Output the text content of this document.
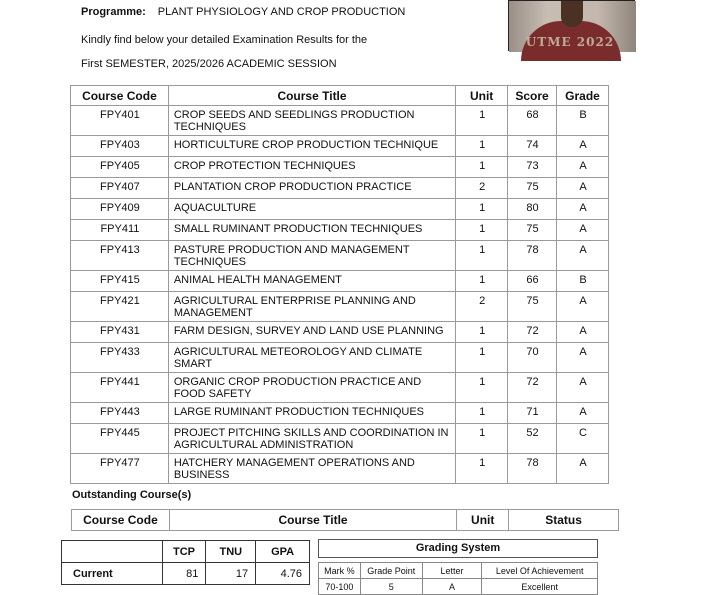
Programme: PLANT PHYSIOLOGY AND CROP PRODUCTION
Kindly find below your detailed Examination Results for the
First SEMESTER, 2025/2026 ACADEMIC SESSION
UTME 2022
Course Code	Course Title	Unit	Score	Grade
FPY401	CROP SEEDS AND SEEDLINGS PRODUCTION TECHNIQUES	1	68	B
FPY403	HORTICULTURE CROP PRODUCTION TECHNIQUE	1	74	A
FPY405	CROP PROTECTION TECHNIQUES	1	73	A
FPY407	PLANTATION CROP PRODUCTION PRACTICE	2	75	A
FPY409	AQUACULTURE	1	80	A
FPY411	SMALL RUMINANT PRODUCTION TECHNIQUES	1	75	A
FPY413	PASTURE PRODUCTION AND MANAGEMENT TECHNIQUES	1	78	A
FPY415	ANIMAL HEALTH MANAGEMENT	1	66	B
FPY421	AGRICULTURAL ENTERPRISE PLANNING AND MANAGEMENT	2	75	A
FPY431	FARM DESIGN, SURVEY AND LAND USE PLANNING	1	72	A
FPY433	AGRICULTURAL METEOROLOGY AND CLIMATE SMART	1	70	A
FPY441	ORGANIC CROP PRODUCTION PRACTICE AND FOOD SAFETY	1	72	A
FPY443	LARGE RUMINANT PRODUCTION TECHNIQUES	1	71	A
FPY445	PROJECT PITCHING SKILLS AND COORDINATION IN AGRICULTURAL ADMINISTRATION	1	52	C
FPY477	HATCHERY MANAGEMENT OPERATIONS AND BUSINESS	1	78	A
Outstanding Course(s)
Course Code	Course Title	Unit	Status
	TCP	TNU	GPA
Current	81	17	4.76
Grading System
Mark %	Grade Point	Letter	Level Of Achievement
70-100	5	A	Excellent
